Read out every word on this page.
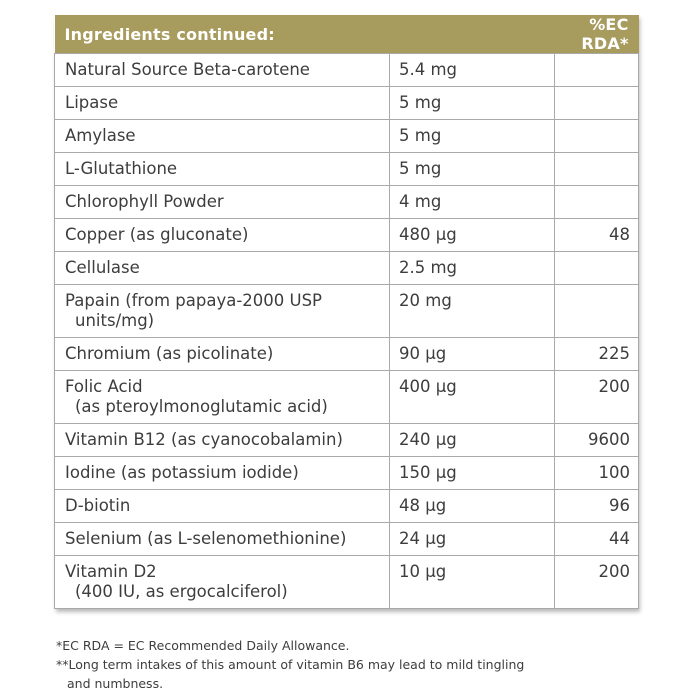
Ingredients continued:		%EC RDA*
Natural Source Beta-carotene	5.4 mg	
Lipase	5 mg	
Amylase	5 mg	
L-Glutathione	5 mg	
Chlorophyll Powder	4 mg	
Copper (as gluconate)	480 μg	48
Cellulase	2.5 mg	
Papain (from papaya-2000 USP
units/mg)	20 mg	
Chromium (as picolinate)	90 μg	225
Folic Acid
(as pteroylmonoglutamic acid)	400 μg	200
Vitamin B12 (as cyanocobalamin)	240 μg	9600
Iodine (as potassium iodide)	150 μg	100
D-biotin	48 μg	96
Selenium (as L-selenomethionine)	24 μg	44
Vitamin D2
(400 IU, as ergocalciferol)	10 μg	200
*EC RDA = EC Recommended Daily Allowance.
**Long term intakes of this amount of vitamin B6 may lead to mild tingling
and numbness.
